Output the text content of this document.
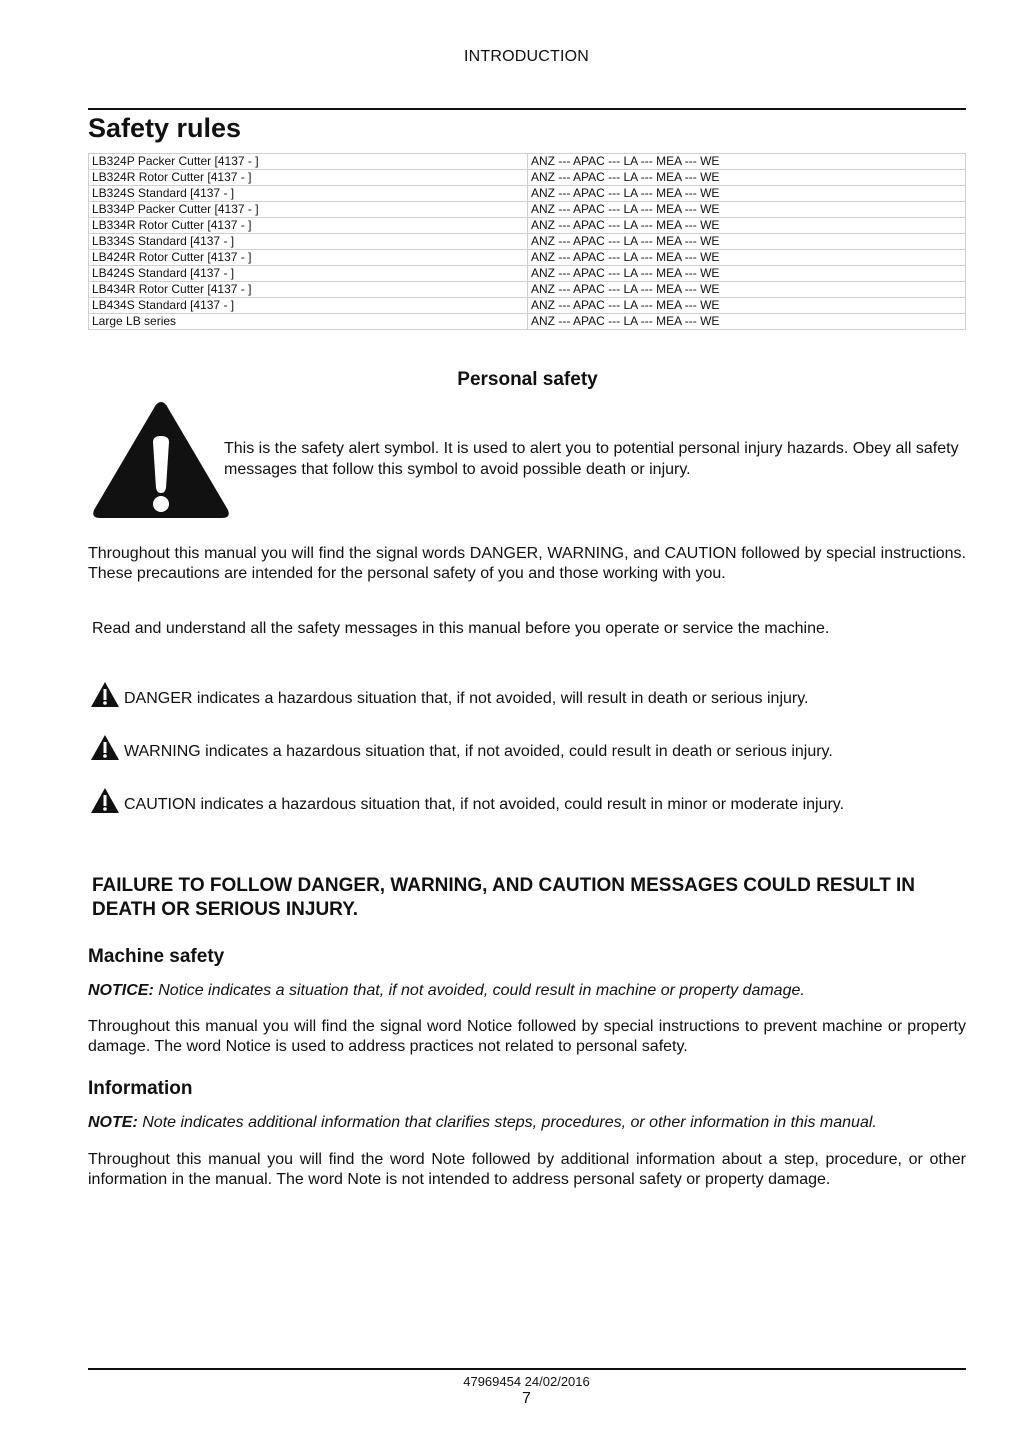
INTRODUCTION
Safety rules
LB324P Packer Cutter [4137 - ]	ANZ --- APAC --- LA --- MEA --- WE
LB324R Rotor Cutter [4137 - ]	ANZ --- APAC --- LA --- MEA --- WE
LB324S Standard [4137 - ]	ANZ --- APAC --- LA --- MEA --- WE
LB334P Packer Cutter [4137 - ]	ANZ --- APAC --- LA --- MEA --- WE
LB334R Rotor Cutter [4137 - ]	ANZ --- APAC --- LA --- MEA --- WE
LB334S Standard [4137 - ]	ANZ --- APAC --- LA --- MEA --- WE
LB424R Rotor Cutter [4137 - ]	ANZ --- APAC --- LA --- MEA --- WE
LB424S Standard [4137 - ]	ANZ --- APAC --- LA --- MEA --- WE
LB434R Rotor Cutter [4137 - ]	ANZ --- APAC --- LA --- MEA --- WE
LB434S Standard [4137 - ]	ANZ --- APAC --- LA --- MEA --- WE
Large LB series	ANZ --- APAC --- LA --- MEA --- WE
Personal safety
This is the safety alert symbol. It is used to alert you to potential personal injury hazards. Obey all safety messages that follow this symbol to avoid possible death or injury.
Throughout this manual you will find the signal words DANGER, WARNING, and CAUTION followed by special instructions. These precautions are intended for the personal safety of you and those working with you.
Read and understand all the safety messages in this manual before you operate or service the machine.
DANGER indicates a hazardous situation that, if not avoided, will result in death or serious injury.
WARNING indicates a hazardous situation that, if not avoided, could result in death or serious injury.
CAUTION indicates a hazardous situation that, if not avoided, could result in minor or moderate injury.
FAILURE TO FOLLOW DANGER, WARNING, AND CAUTION MESSAGES COULD RESULT IN DEATH OR SERIOUS INJURY.
Machine safety
NOTICE: Notice indicates a situation that, if not avoided, could result in machine or property damage.
Throughout this manual you will find the signal word Notice followed by special instructions to prevent machine or property damage. The word Notice is used to address practices not related to personal safety.
Information
NOTE: Note indicates additional information that clarifies steps, procedures, or other information in this manual.
Throughout this manual you will find the word Note followed by additional information about a step, procedure, or other information in the manual. The word Note is not intended to address personal safety or property damage.
47969454 24/02/2016
7
